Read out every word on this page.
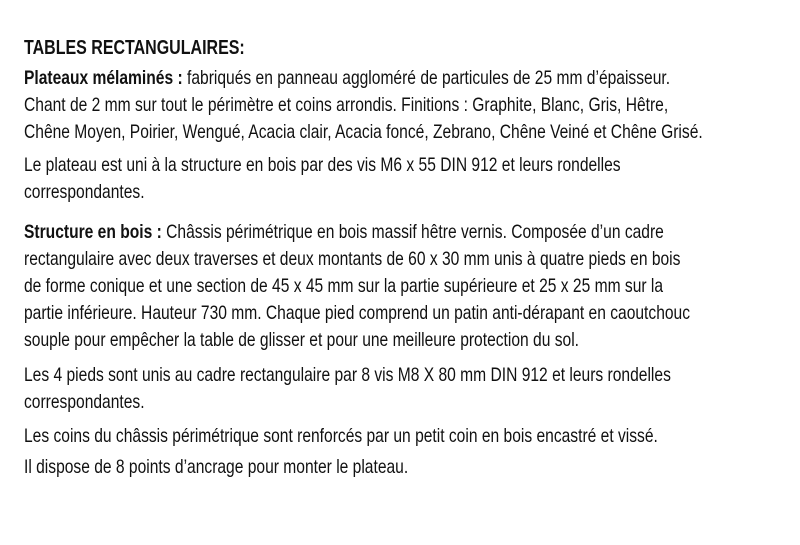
TABLES RECTANGULAIRES:
Plateaux mélaminés : fabriqués en panneau aggloméré de particules de 25 mm d’épaisseur.
Chant de 2 mm sur tout le périmètre et coins arrondis. Finitions : Graphite, Blanc, Gris, Hêtre,
Chêne Moyen, Poirier, Wengué, Acacia clair, Acacia foncé, Zebrano, Chêne Veiné et Chêne Grisé.
Le plateau est uni à la structure en bois par des vis M6 x 55 DIN 912 et leurs rondelles
correspondantes.
Structure en bois : Châssis périmétrique en bois massif hêtre vernis. Composée d’un cadre
rectangulaire avec deux traverses et deux montants de 60 x 30 mm unis à quatre pieds en bois
de forme conique et une section de 45 x 45 mm sur la partie supérieure et 25 x 25 mm sur la
partie inférieure. Hauteur 730 mm. Chaque pied comprend un patin anti-dérapant en caoutchouc
souple pour empêcher la table de glisser et pour une meilleure protection du sol.
Les 4 pieds sont unis au cadre rectangulaire par 8 vis M8 X 80 mm DIN 912 et leurs rondelles
correspondantes.
Les coins du châssis périmétrique sont renforcés par un petit coin en bois encastré et vissé.
Il dispose de 8 points d’ancrage pour monter le plateau.
